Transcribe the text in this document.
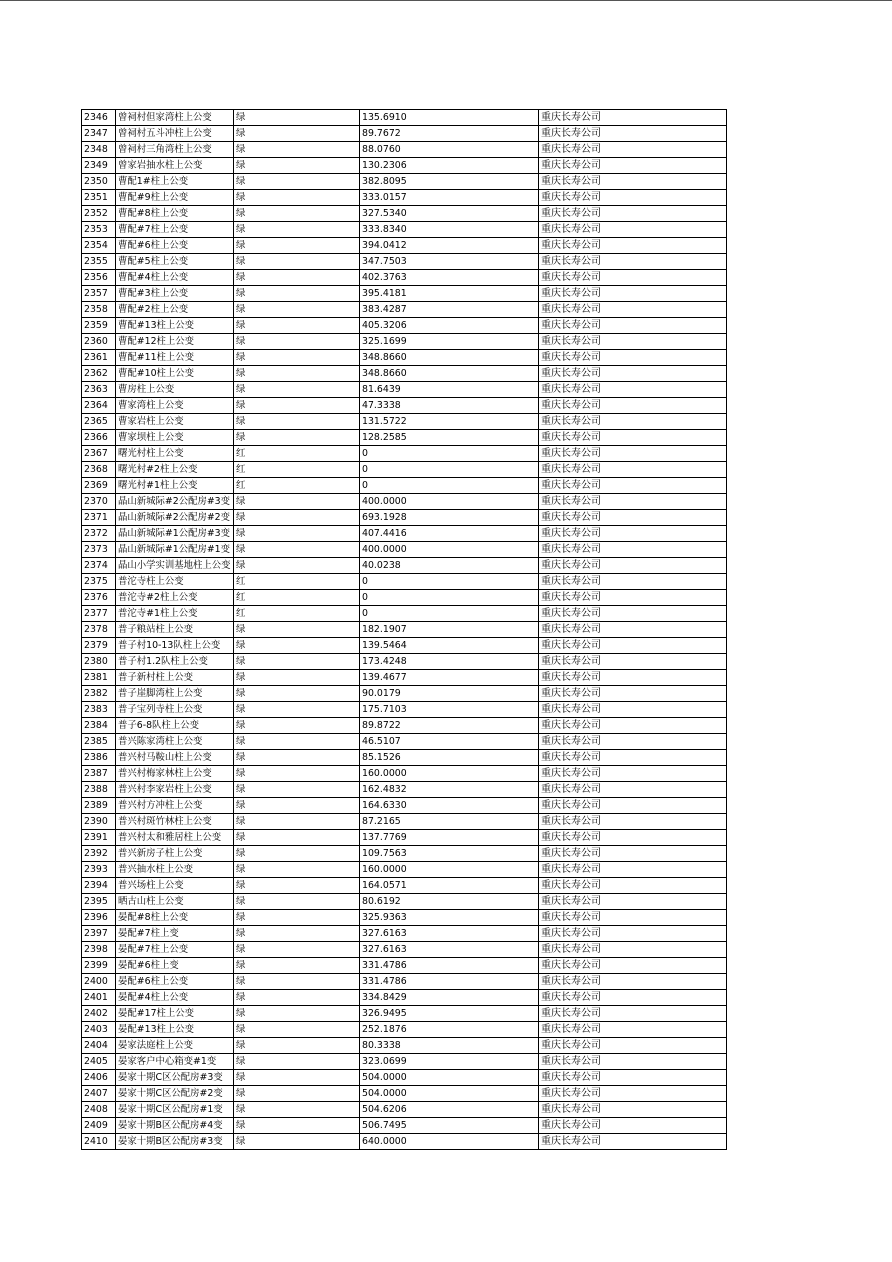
2346	曾祠村但家湾柱上公变	绿	135.6910	重庆长寿公司
2347	曾祠村五斗冲柱上公变	绿	89.7672	重庆长寿公司
2348	曾祠村三角湾柱上公变	绿	88.0760	重庆长寿公司
2349	曾家岩抽水柱上公变	绿	130.2306	重庆长寿公司
2350	曹配1#柱上公变	绿	382.8095	重庆长寿公司
2351	曹配#9柱上公变	绿	333.0157	重庆长寿公司
2352	曹配#8柱上公变	绿	327.5340	重庆长寿公司
2353	曹配#7柱上公变	绿	333.8340	重庆长寿公司
2354	曹配#6柱上公变	绿	394.0412	重庆长寿公司
2355	曹配#5柱上公变	绿	347.7503	重庆长寿公司
2356	曹配#4柱上公变	绿	402.3763	重庆长寿公司
2357	曹配#3柱上公变	绿	395.4181	重庆长寿公司
2358	曹配#2柱上公变	绿	383.4287	重庆长寿公司
2359	曹配#13柱上公变	绿	405.3206	重庆长寿公司
2360	曹配#12柱上公变	绿	325.1699	重庆长寿公司
2361	曹配#11柱上公变	绿	348.8660	重庆长寿公司
2362	曹配#10柱上公变	绿	348.8660	重庆长寿公司
2363	曹房柱上公变	绿	81.6439	重庆长寿公司
2364	曹家湾柱上公变	绿	47.3338	重庆长寿公司
2365	曹家岩柱上公变	绿	131.5722	重庆长寿公司
2366	曹家坝柱上公变	绿	128.2585	重庆长寿公司
2367	曙光村柱上公变	红	0	重庆长寿公司
2368	曙光村#2柱上公变	红	0	重庆长寿公司
2369	曙光村#1柱上公变	红	0	重庆长寿公司
2370	晶山新城际#2公配房#3变	绿	400.0000	重庆长寿公司
2371	晶山新城际#2公配房#2变	绿	693.1928	重庆长寿公司
2372	晶山新城际#1公配房#3变	绿	407.4416	重庆长寿公司
2373	晶山新城际#1公配房#1变	绿	400.0000	重庆长寿公司
2374	晶山小学实训基地柱上公变	绿	40.0238	重庆长寿公司
2375	普沱寺柱上公变	红	0	重庆长寿公司
2376	普沱寺#2柱上公变	红	0	重庆长寿公司
2377	普沱寺#1柱上公变	红	0	重庆长寿公司
2378	普子粮站柱上公变	绿	182.1907	重庆长寿公司
2379	普子村10-13队柱上公变	绿	139.5464	重庆长寿公司
2380	普子村1.2队柱上公变	绿	173.4248	重庆长寿公司
2381	普子新村柱上公变	绿	139.4677	重庆长寿公司
2382	普子崖脚湾柱上公变	绿	90.0179	重庆长寿公司
2383	普子宝列寺柱上公变	绿	175.7103	重庆长寿公司
2384	普子6-8队柱上公变	绿	89.8722	重庆长寿公司
2385	普兴陈家湾柱上公变	绿	46.5107	重庆长寿公司
2386	普兴村马鞍山柱上公变	绿	85.1526	重庆长寿公司
2387	普兴村梅家林柱上公变	绿	160.0000	重庆长寿公司
2388	普兴村李家岩柱上公变	绿	162.4832	重庆长寿公司
2389	普兴村方冲柱上公变	绿	164.6330	重庆长寿公司
2390	普兴村斑竹林柱上公变	绿	87.2165	重庆长寿公司
2391	普兴村太和雅居柱上公变	绿	137.7769	重庆长寿公司
2392	普兴新房子柱上公变	绿	109.7563	重庆长寿公司
2393	普兴抽水柱上公变	绿	160.0000	重庆长寿公司
2394	普兴场柱上公变	绿	164.0571	重庆长寿公司
2395	晒古山柱上公变	绿	80.6192	重庆长寿公司
2396	晏配#8柱上公变	绿	325.9363	重庆长寿公司
2397	晏配#7柱上变	绿	327.6163	重庆长寿公司
2398	晏配#7柱上公变	绿	327.6163	重庆长寿公司
2399	晏配#6柱上变	绿	331.4786	重庆长寿公司
2400	晏配#6柱上公变	绿	331.4786	重庆长寿公司
2401	晏配#4柱上公变	绿	334.8429	重庆长寿公司
2402	晏配#17柱上公变	绿	326.9495	重庆长寿公司
2403	晏配#13柱上公变	绿	252.1876	重庆长寿公司
2404	晏家法庭柱上公变	绿	80.3338	重庆长寿公司
2405	晏家客户中心箱变#1变	绿	323.0699	重庆长寿公司
2406	晏家十期C区公配房#3变	绿	504.0000	重庆长寿公司
2407	晏家十期C区公配房#2变	绿	504.0000	重庆长寿公司
2408	晏家十期C区公配房#1变	绿	504.6206	重庆长寿公司
2409	晏家十期B区公配房#4变	绿	506.7495	重庆长寿公司
2410	晏家十期B区公配房#3变	绿	640.0000	重庆长寿公司
